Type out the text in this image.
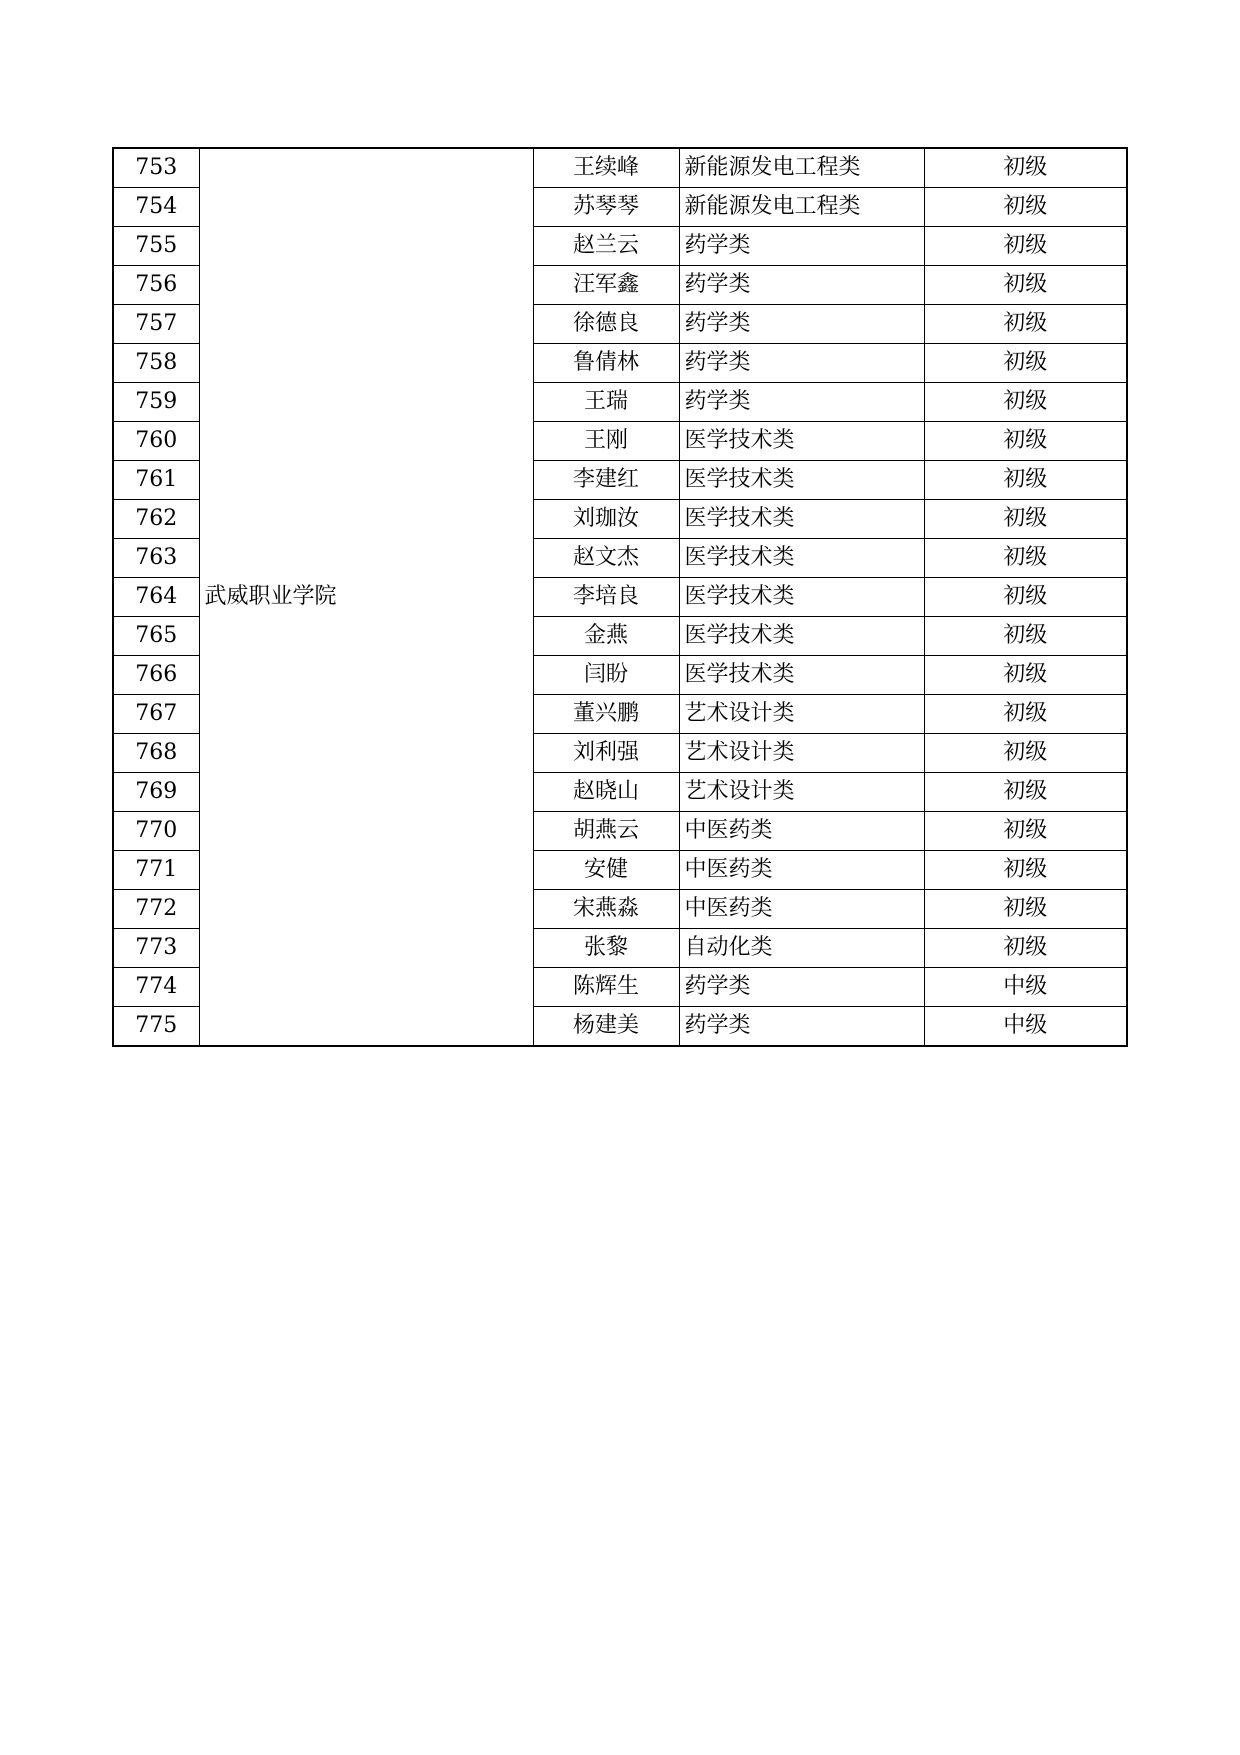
753	武威职业学院	王续峰	新能源发电工程类	初级
754		苏琴琴	新能源发电工程类	初级
755		赵兰云	药学类	初级
756		汪军鑫	药学类	初级
757		徐德良	药学类	初级
758		鲁倩林	药学类	初级
759		王瑞	药学类	初级
760		王刚	医学技术类	初级
761		李建红	医学技术类	初级
762		刘珈汝	医学技术类	初级
763		赵文杰	医学技术类	初级
764		李培良	医学技术类	初级
765		金燕	医学技术类	初级
766		闫盼	医学技术类	初级
767		董兴鹏	艺术设计类	初级
768		刘利强	艺术设计类	初级
769		赵晓山	艺术设计类	初级
770		胡燕云	中医药类	初级
771		安健	中医药类	初级
772		宋燕淼	中医药类	初级
773		张黎	自动化类	初级
774		陈辉生	药学类	中级
775		杨建美	药学类	中级
